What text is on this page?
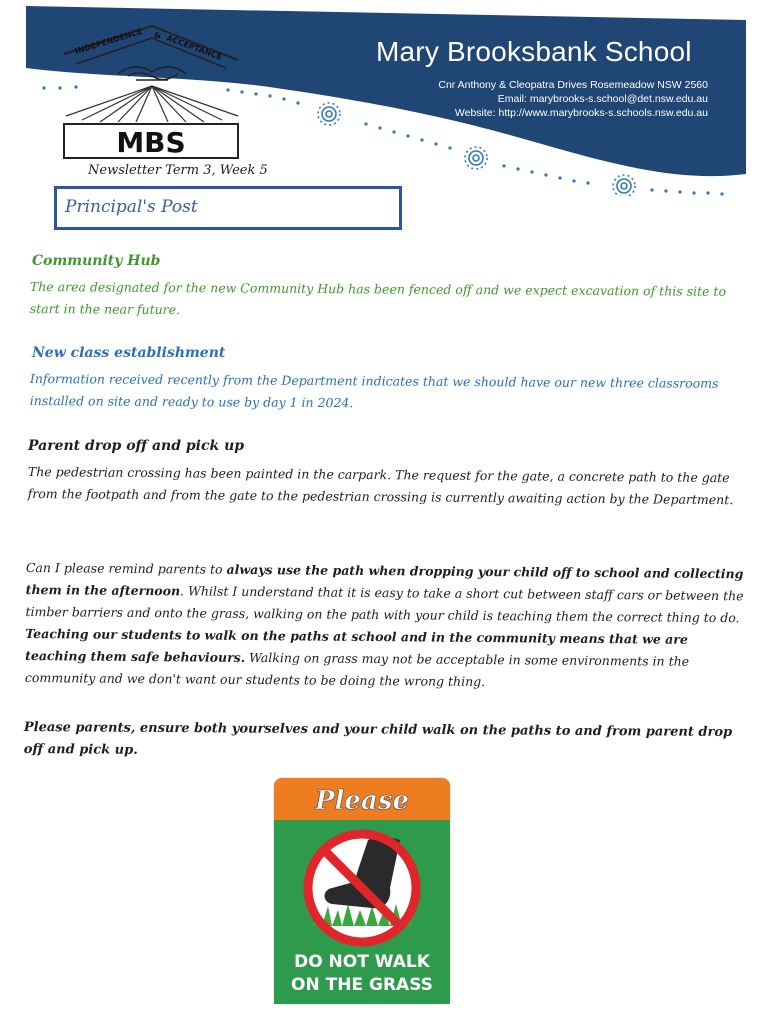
INDEPENDENCE & ACCEPTANCE
MBS
Mary Brooksbank School
Cnr Anthony & Cleopatra Drives Rosemeadow NSW 2560
Email: marybrooks-s.school@det.nsw.edu.au
Website: http://www.marybrooks-s.schools.nsw.edu.au
Newsletter Term 3, Week 5
Principal's Post
Community Hub
The area designated for the new Community Hub has been fenced off and we expect excavation of this site to start in the near future.
New class establishment
Information received recently from the Department indicates that we should have our new three classrooms installed on site and ready to use by day 1 in 2024.
Parent drop off and pick up
The pedestrian crossing has been painted in the carpark. The request for the gate, a concrete path to the gate from the footpath and from the gate to the pedestrian crossing is currently awaiting action by the Department.
Can I please remind parents to always use the path when dropping your child off to school and collecting them in the afternoon. Whilst I understand that it is easy to take a short cut between staff cars or between the timber barriers and onto the grass, walking on the path with your child is teaching them the correct thing to do. Teaching our students to walk on the paths at school and in the community means that we are teaching them safe behaviours. Walking on grass may not be acceptable in some environments in the community and we don't want our students to be doing the wrong thing.
Please parents, ensure both yourselves and your child walk on the paths to and from parent drop off and pick up.
Please
DO NOT WALK
ON THE GRASS
